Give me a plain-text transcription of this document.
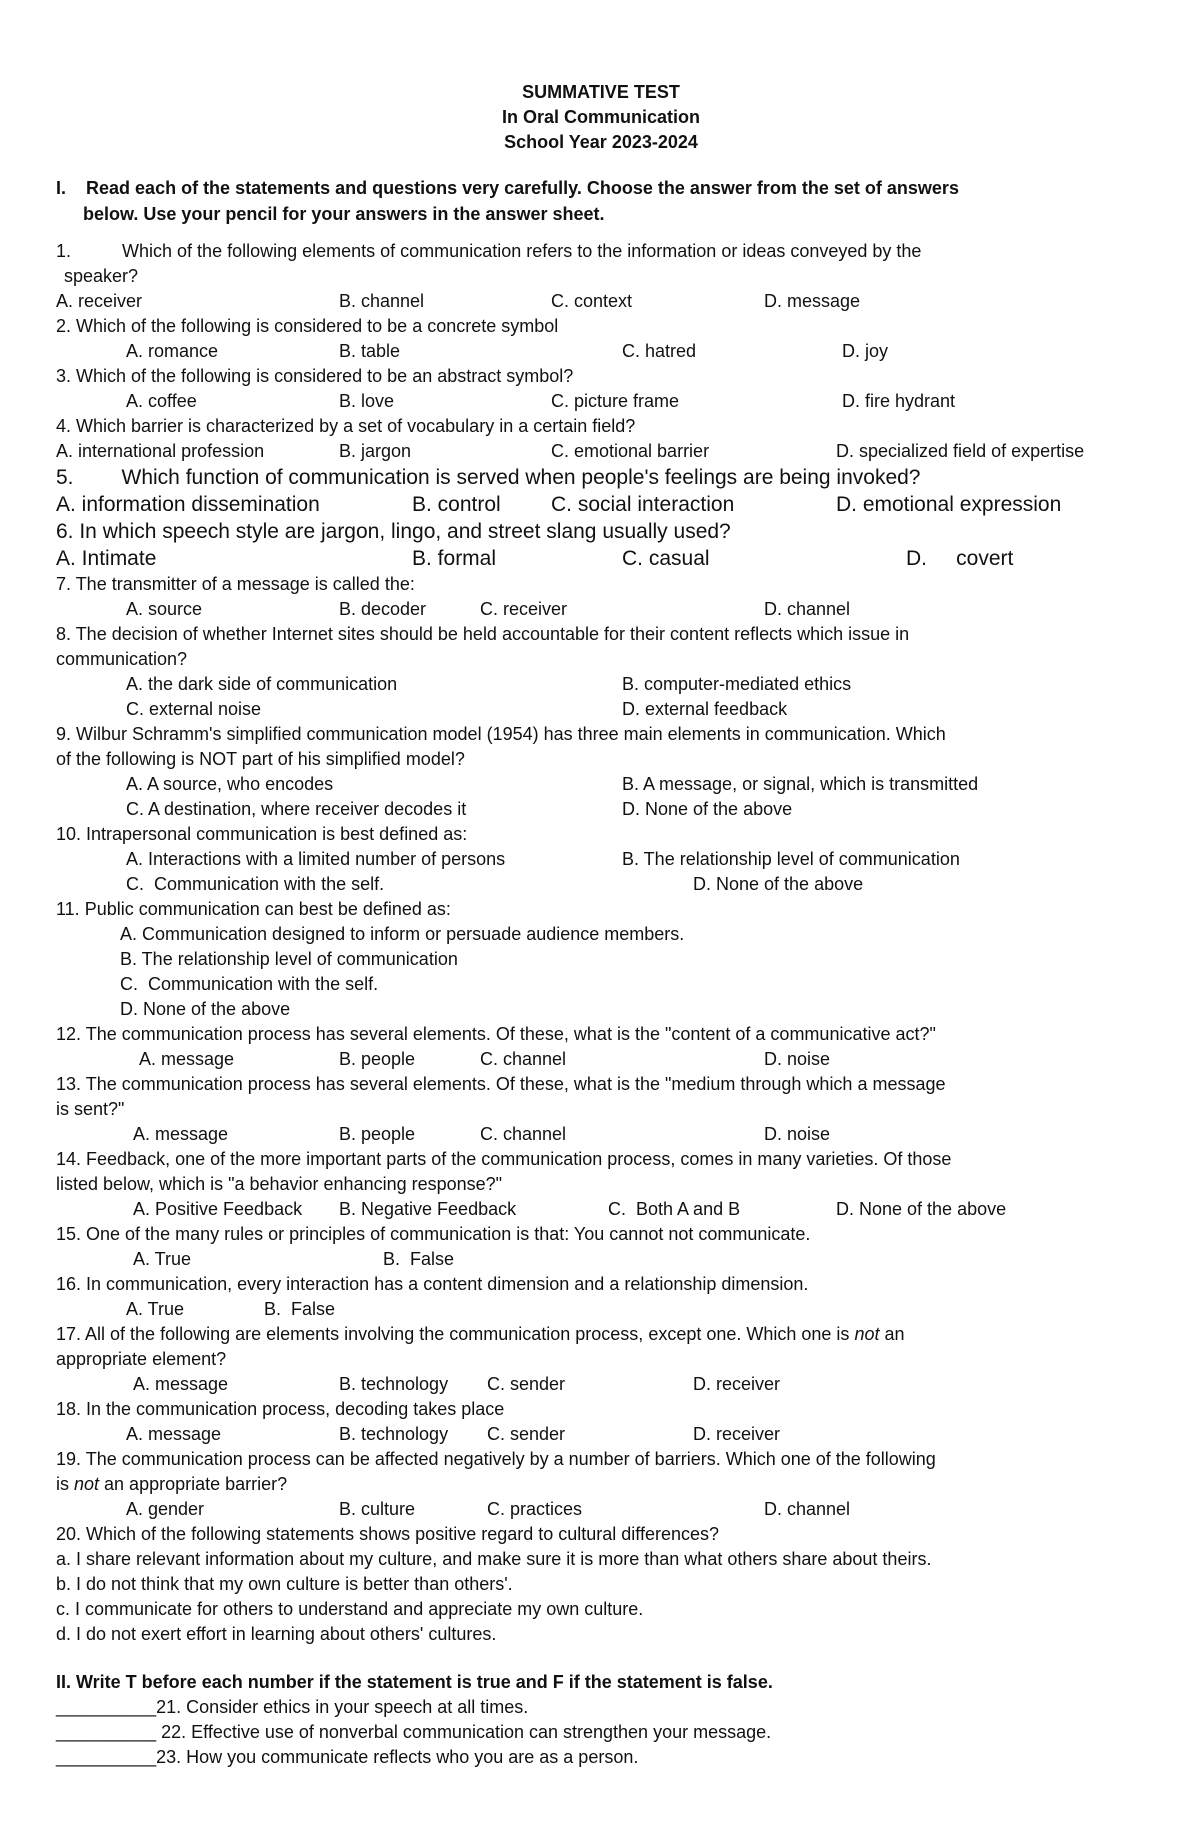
SUMMATIVE TEST
In Oral Communication
School Year 2023-2024
I. Read each of the statements and questions very carefully. Choose the answer from the set of answers
below. Use your pencil for your answers in the answer sheet.
1.	Which of the following elements of communication refers to the information or ideas conveyed by the
speaker?
A. receiver	B. channel	C. context	D. message
2. Which of the following is considered to be a concrete symbol
A. romance	B. table	C. hatred	D. joy
3. Which of the following is considered to be an abstract symbol?
A. coffee	B. love	C. picture frame	D. fire hydrant
4. Which barrier is characterized by a set of vocabulary in a certain field?
A. international profession	B. jargon	C. emotional barrier	D. specialized field of expertise
5. Which function of communication is served when people's feelings are being invoked?
A. information dissemination	B. control C. social interaction	D. emotional expression
6. In which speech style are jargon, lingo, and street slang usually used?
A. Intimate	B. formal	C. casual	D.     covert
7. The transmitter of a message is called the:
A. source	B. decoder	C. receiver	D. channel
8. The decision of whether Internet sites should be held accountable for their content reflects which issue in
communication?
A. the dark side of communication	B. computer-mediated ethics
C. external noise	D. external feedback
9. Wilbur Schramm's simplified communication model (1954) has three main elements in communication. Which
of the following is NOT part of his simplified model?
A. A source, who encodes	B. A message, or signal, which is transmitted
C. A destination, where receiver decodes it	D. None of the above
10. Intrapersonal communication is best defined as:
A. Interactions with a limited number of persons	B. The relationship level of communication
C.  Communication with the self.	D. None of the above
11. Public communication can best be defined as:
A. Communication designed to inform or persuade audience members.
B. The relationship level of communication
C.  Communication with the self.
D. None of the above
12. The communication process has several elements. Of these, what is the "content of a communicative act?"
A. message	B. people	C. channel	D. noise
13. The communication process has several elements. Of these, what is the "medium through which a message
is sent?"
A. message	B. people	C. channel	D. noise
14. Feedback, one of the more important parts of the communication process, comes in many varieties. Of those
listed below, which is "a behavior enhancing response?"
A. Positive Feedback B. Negative Feedback	C.  Both A and B	D. None of the above
15. One of the many rules or principles of communication is that: You cannot not communicate.
A. True	B.  False
16. In communication, every interaction has a content dimension and a relationship dimension.
A. True	B.  False
17. All of the following are elements involving the communication process, except one. Which one is not an
appropriate element?
A. message	B. technology C. sender	D. receiver
18. In the communication process, decoding takes place
A. message	B. technology C. sender	D. receiver
19. The communication process can be affected negatively by a number of barriers. Which one of the following
is not an appropriate barrier?
A. gender	B. culture	C. practices	D. channel
20. Which of the following statements shows positive regard to cultural differences?
a. I share relevant information about my culture, and make sure it is more than what others share about theirs.
b. I do not think that my own culture is better than others'.
c. I communicate for others to understand and appreciate my own culture.
d. I do not exert effort in learning about others' cultures.
II. Write T before each number if the statement is true and F if the statement is false.
__________21. Consider ethics in your speech at all times.
__________ 22. Effective use of nonverbal communication can strengthen your message.
__________23. How you communicate reflects who you are as a person.
